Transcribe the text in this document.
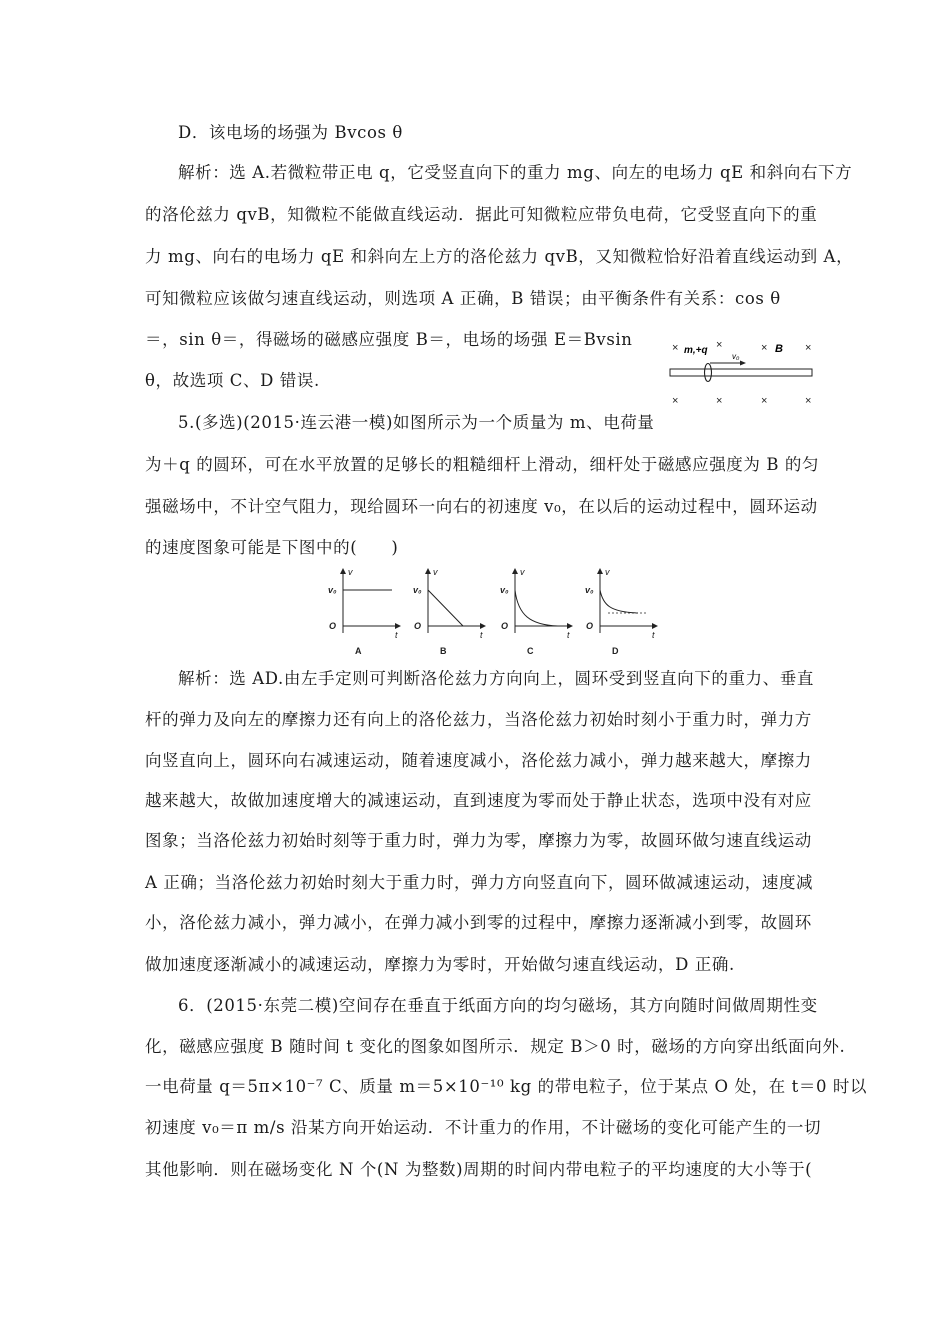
D．该电场的场强为 Bvcos θ
解析：选 A.若微粒带正电 q，它受竖直向下的重力 mg、向左的电场力 qE 和斜向右下方
的洛伦兹力 qvB，知微粒不能做直线运动．据此可知微粒应带负电荷，它受竖直向下的重
力 mg、向右的电场力 qE 和斜向左上方的洛伦兹力 qvB，又知微粒恰好沿着直线运动到 A，
可知微粒应该做匀速直线运动，则选项 A 正确，B 错误；由平衡条件有关系：cos θ
＝，sin θ＝，得磁场的磁感应强度 B＝，电场的场强 E＝Bvsin
θ，故选项 C、D 错误.
5.(多选)(2015·连云港一模)如图所示为一个质量为 m、电荷量
为＋q 的圆环，可在水平放置的足够长的粗糙细杆上滑动，细杆处于磁感应强度为 B 的匀
强磁场中，不计空气阻力，现给圆环一向右的初速度 v₀，在以后的运动过程中，圆环运动
的速度图象可能是下图中的(　　)
解析：选 AD.由左手定则可判断洛伦兹力方向向上，圆环受到竖直向下的重力、垂直
杆的弹力及向左的摩擦力还有向上的洛伦兹力，当洛伦兹力初始时刻小于重力时，弹力方
向竖直向上，圆环向右减速运动，随着速度减小，洛伦兹力减小，弹力越来越大，摩擦力
越来越大，故做加速度增大的减速运动，直到速度为零而处于静止状态，选项中没有对应
图象；当洛伦兹力初始时刻等于重力时，弹力为零，摩擦力为零，故圆环做匀速直线运动
A 正确；当洛伦兹力初始时刻大于重力时，弹力方向竖直向下，圆环做减速运动，速度减
小，洛伦兹力减小，弹力减小，在弹力减小到零的过程中，摩擦力逐渐减小到零，故圆环
做加速度逐渐减小的减速运动，摩擦力为零时，开始做匀速直线运动，D 正确.
6．(2015·东莞二模)空间存在垂直于纸面方向的均匀磁场，其方向随时间做周期性变
化，磁感应强度 B 随时间 t 变化的图象如图所示．规定 B＞0 时，磁场的方向穿出纸面向外.
一电荷量 q＝5π×10⁻⁷ C、质量 m＝5×10⁻¹⁰ kg 的带电粒子，位于某点 O 处，在 t＝0 时以
初速度 v₀＝π m/s 沿某方向开始运动．不计重力的作用，不计磁场的变化可能产生的一切
其他影响．则在磁场变化 N 个(N 为整数)周期的时间内带电粒子的平均速度的大小等于(
×	×	×	×
×	×	×	×
m,+q
v₀
B
v
t
v₀
O
A
v
t
v₀
O
B
v
t
v₀
O
C
v
t
v₀
O
D
